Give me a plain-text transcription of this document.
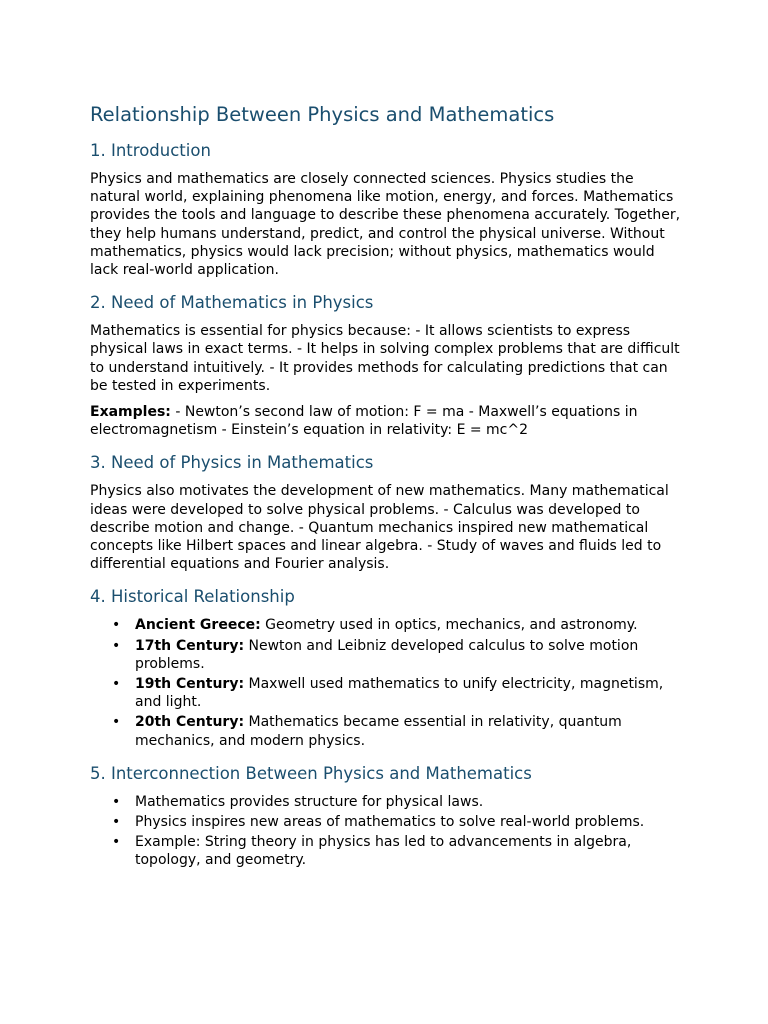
Relationship Between Physics and Mathematics
1. Introduction

Physics and mathematics are closely connected sciences. Physics studies the natural world, explaining phenomena like motion, energy, and forces. Mathematics provides the tools and language to describe these phenomena accurately. Together, they help humans understand, predict, and control the physical universe. Without mathematics, physics would lack precision; without physics, mathematics would lack real-world application.

2. Need of Mathematics in Physics

Mathematics is essential for physics because: - It allows scientists to express physical laws in exact terms. - It helps in solving complex problems that are difficult to understand intuitively. - It provides methods for calculating predictions that can be tested in experiments.

Examples: - Newton’s second law of motion: F = ma - Maxwell’s equations in electromagnetism - Einstein’s equation in relativity: E = mc^2

3. Need of Physics in Mathematics

Physics also motivates the development of new mathematics. Many mathematical ideas were developed to solve physical problems. - Calculus was developed to describe motion and change. - Quantum mechanics inspired new mathematical concepts like Hilbert spaces and linear algebra. - Study of waves and fluids led to differential equations and Fourier analysis.

4. Historical Relationship
• Ancient Greece: Geometry used in optics, mechanics, and astronomy.
• 17th Century: Newton and Leibniz developed calculus to solve motion problems.
• 19th Century: Maxwell used mathematics to unify electricity, magnetism, and light.
• 20th Century: Mathematics became essential in relativity, quantum mechanics, and modern physics.
5. Interconnection Between Physics and Mathematics
• Mathematics provides structure for physical laws.
• Physics inspires new areas of mathematics to solve real-world problems.
• Example: String theory in physics has led to advancements in algebra, topology, and geometry.
